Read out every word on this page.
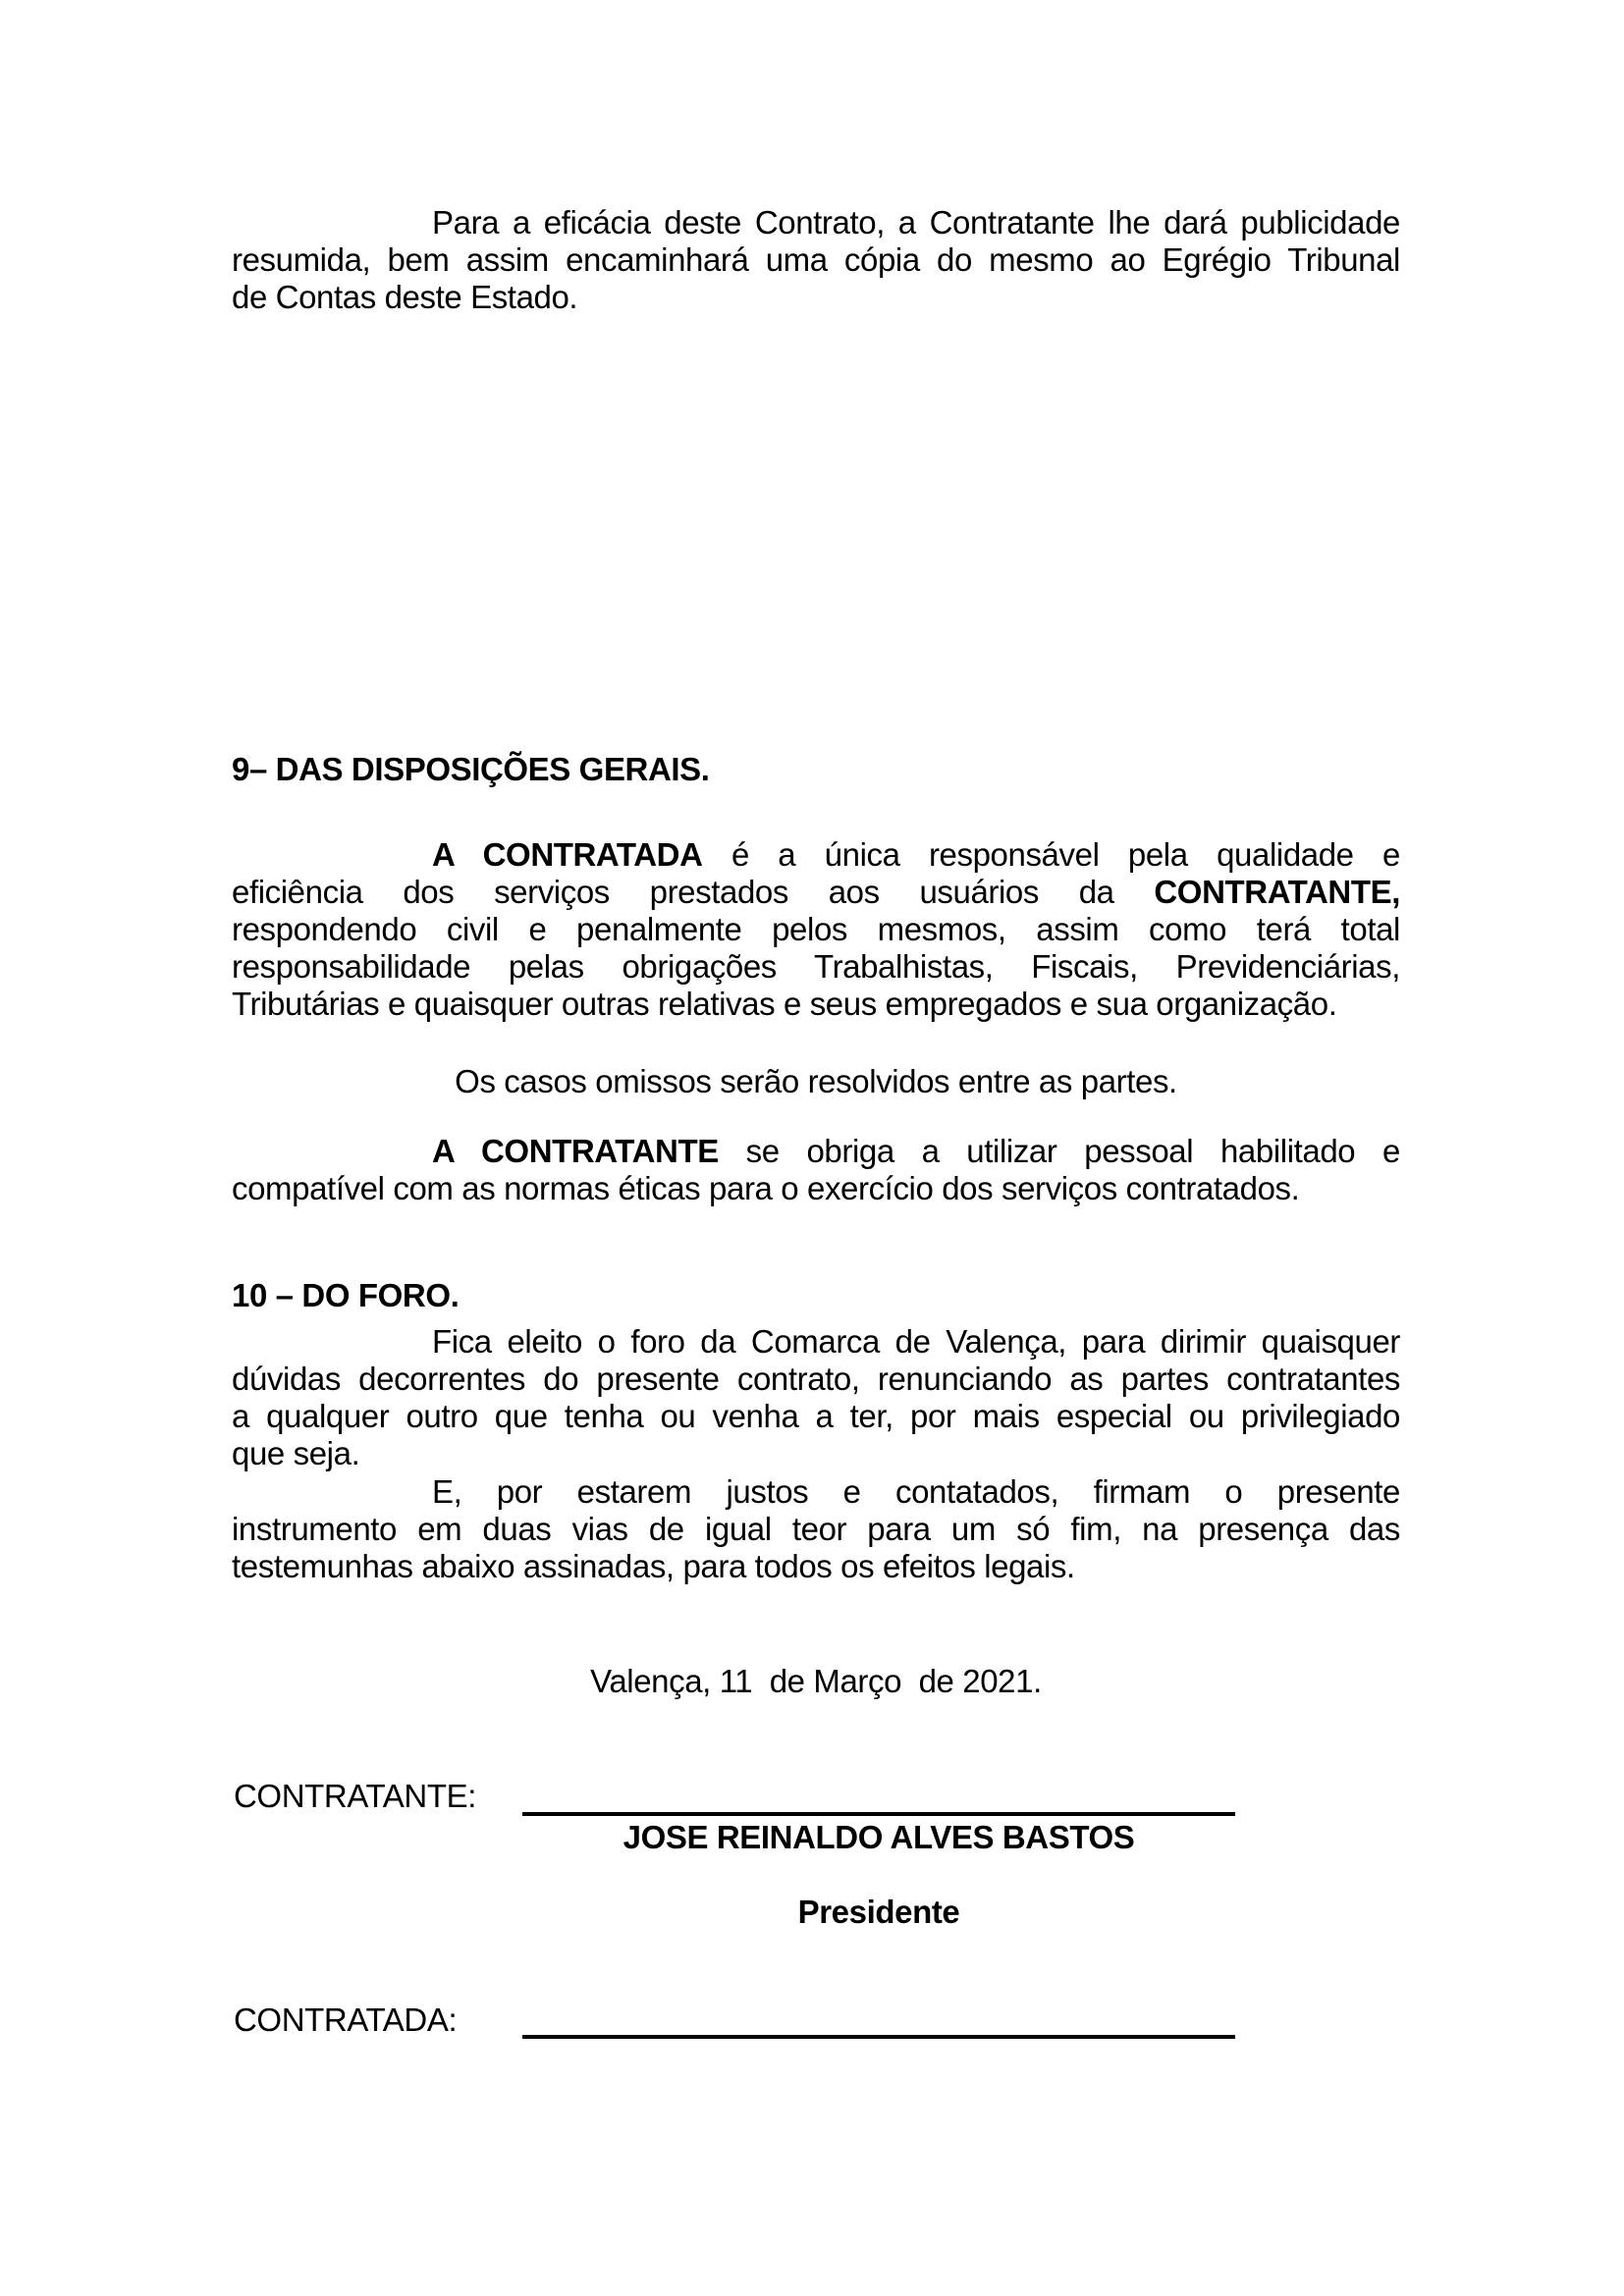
Para a eficácia deste Contrato, a Contratante lhe dará publicidade
resumida, bem assim encaminhará uma cópia do mesmo ao Egrégio Tribunal
de Contas deste Estado.
9– DAS DISPOSIÇÕES GERAIS.
A CONTRATADA é a única responsável pela qualidade e
eficiência dos serviços prestados aos usuários da CONTRATANTE,
respondendo civil e penalmente pelos mesmos, assim como terá total
responsabilidade pelas obrigações Trabalhistas, Fiscais, Previdenciárias,
Tributárias e quaisquer outras relativas e seus empregados e sua organização.
Os casos omissos serão resolvidos entre as partes.
A CONTRATANTE se obriga a utilizar pessoal habilitado e
compatível com as normas éticas para o exercício dos serviços contratados.
10 – DO FORO.
Fica eleito o foro da Comarca de Valença, para dirimir quaisquer
dúvidas decorrentes do presente contrato, renunciando as partes contratantes
a qualquer outro que tenha ou venha a ter, por mais especial ou privilegiado
que seja.
E, por estarem justos e contatados, firmam o presente
instrumento em duas vias de igual teor para um só fim, na presença das
testemunhas abaixo assinadas, para todos os efeitos legais.
Valença, 11  de Março  de 2021.
CONTRATANTE:
JOSE REINALDO ALVES BASTOS
Presidente
CONTRATADA:
